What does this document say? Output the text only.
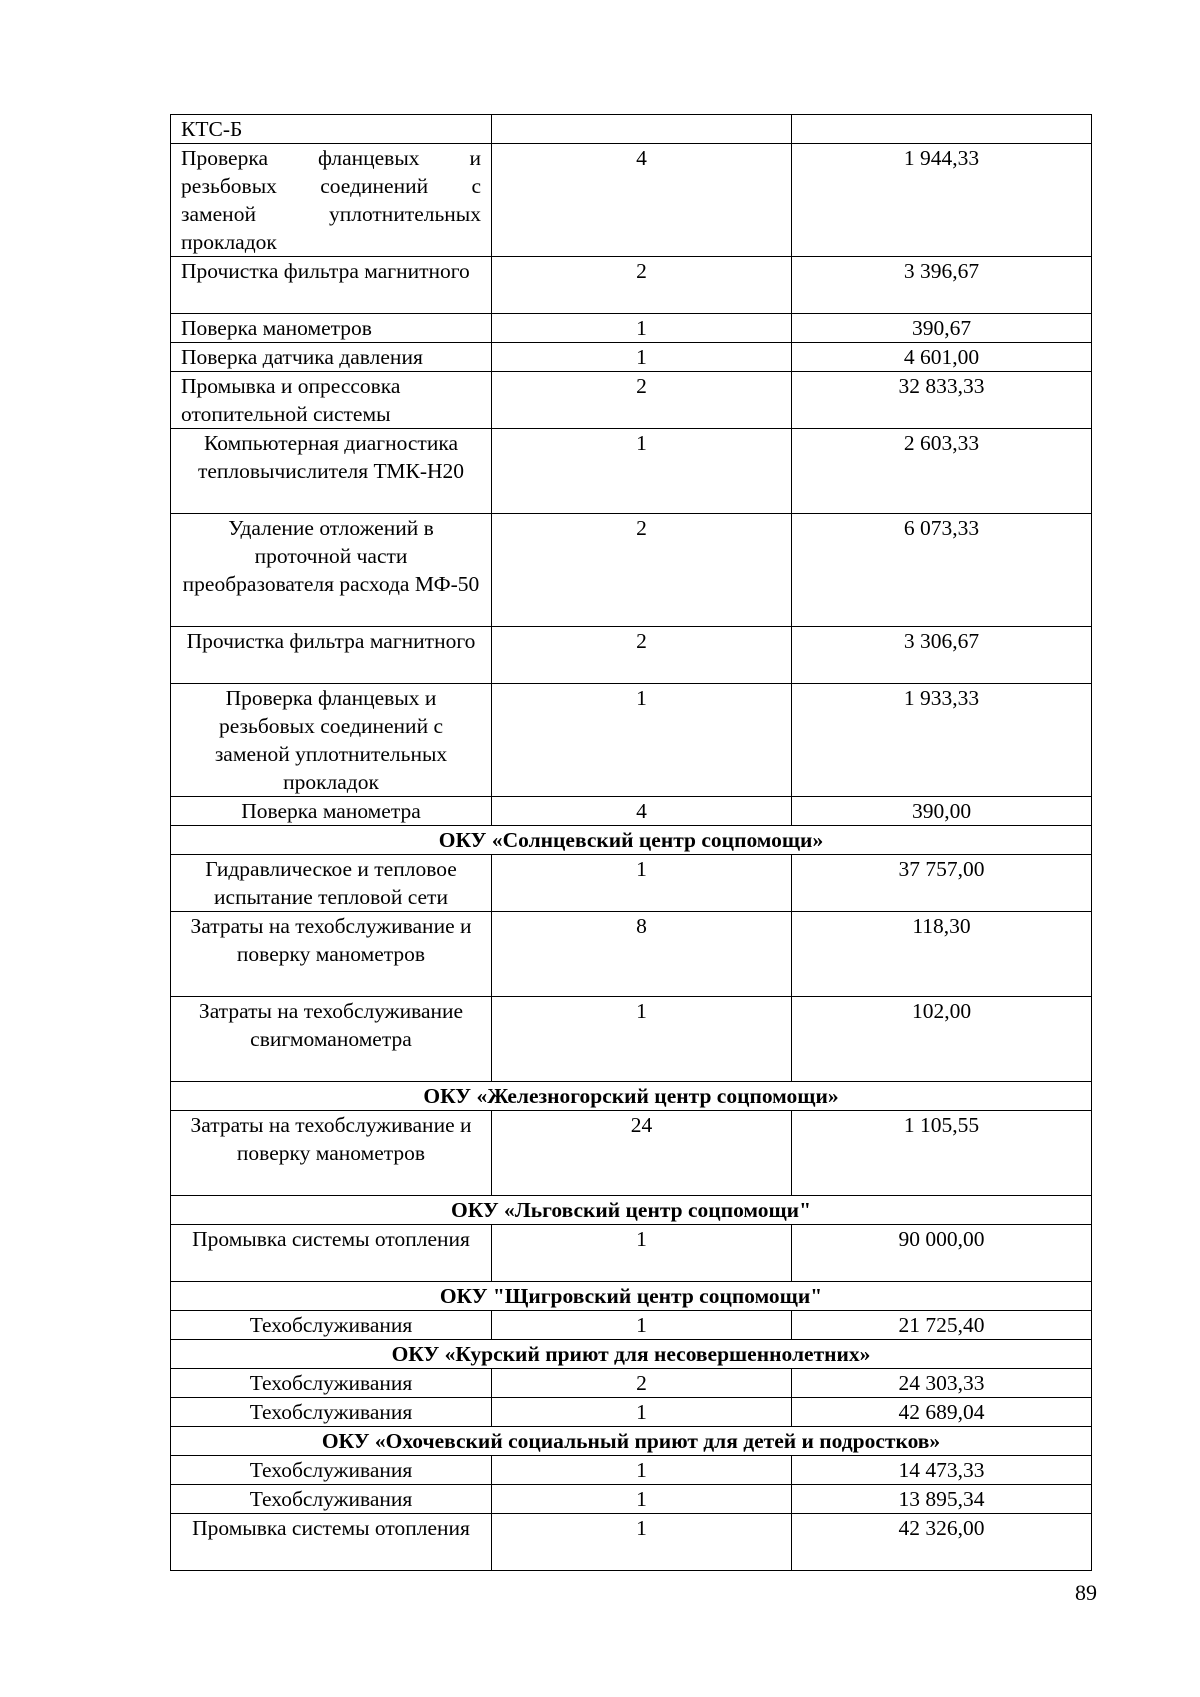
КТС-Б		
Проверка фланцевых и резьбовых соединений с заменой уплотнительных прокладок	4	1 944,33
Прочистка фильтра магнитного	2	3 396,67
Поверка манометров	1	390,67
Поверка датчика давления	1	4 601,00
Промывка и опрессовка отопительной системы	2	32 833,33
Компьютерная диагностика тепловычислителя ТМК-Н20	1	2 603,33
Удаление отложений в проточной части преобразователя расхода МФ-50	2	6 073,33
Прочистка фильтра магнитного	2	3 306,67
Проверка фланцевых и резьбовых соединений с заменой уплотнительных прокладок	1	1 933,33
Поверка манометра	4	390,00
ОКУ «Солнцевский центр соцпомощи»		
Гидравлическое и тепловое испытание тепловой сети	1	37 757,00
Затраты на техобслуживание и поверку манометров	8	118,30
Затраты на техобслуживание свигмоманометра	1	102,00
ОКУ «Железногорский центр соцпомощи»		
Затраты на техобслуживание и поверку манометров	24	1 105,55
ОКУ «Льговский центр соцпомощи"		
Промывка системы отопления	1	90 000,00
ОКУ "Щигровский центр соцпомощи"		
Техобслуживания	1	21 725,40
ОКУ «Курский приют для несовершеннолетних»		
Техобслуживания	2	24 303,33
Техобслуживания	1	42 689,04
ОКУ «Охочевский социальный приют для детей и подростков»		
Техобслуживания	1	14 473,33
Техобслуживания	1	13 895,34
Промывка системы отопления	1	42 326,00
89
